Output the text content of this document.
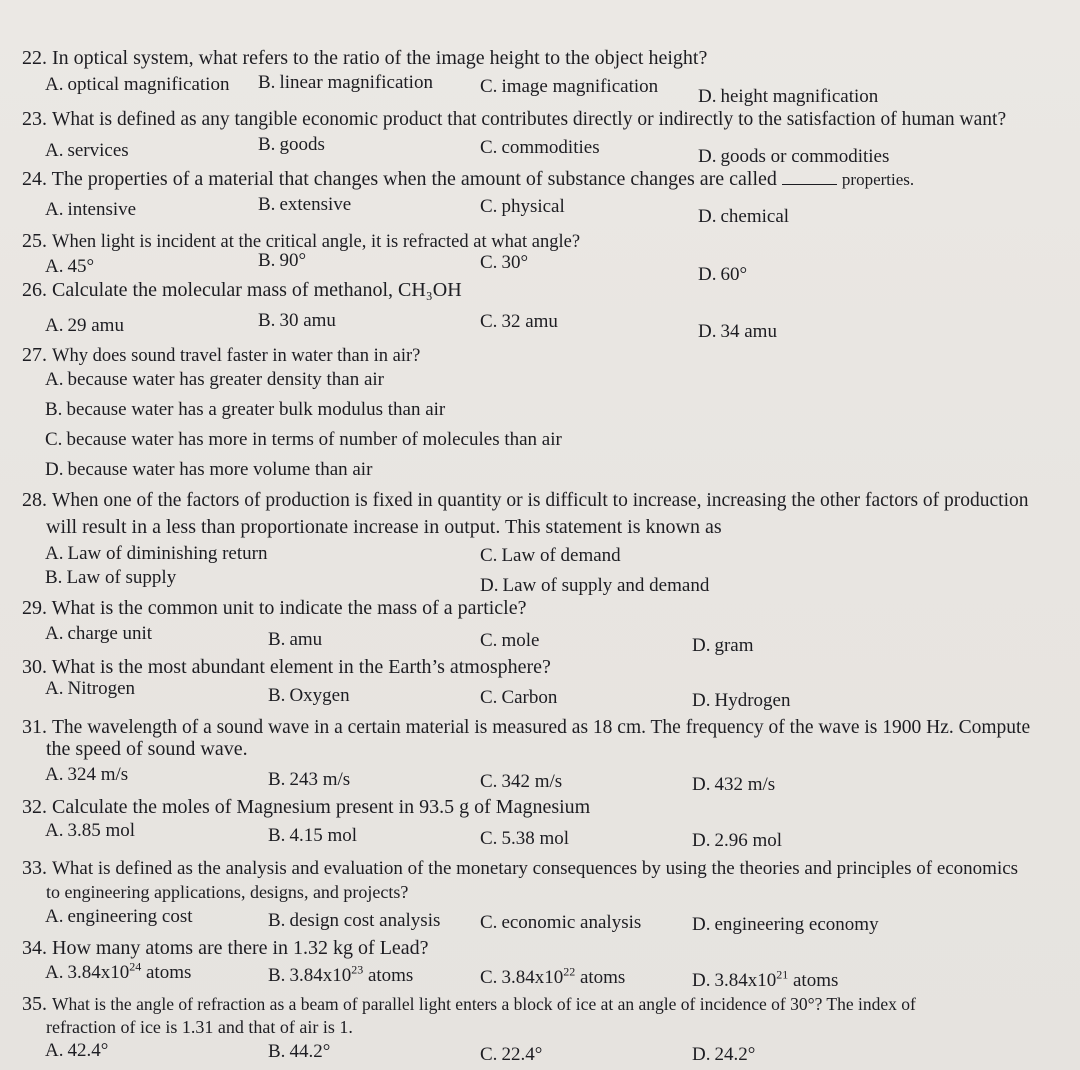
22. In optical system, what refers to the ratio of the image height to the object height?
A. optical magnification B. linear magnification C. image magnification D. height magnification
23. What is defined as any tangible economic product that contributes directly or indirectly to the satisfaction of human want?
A. services	B. goods	C. commodities	D. goods or commodities
24. The properties of a material that changes when the amount of substance changes are called	properties.
A. intensive	B. extensive	C. physical	D. chemical
25. When light is incident at the critical angle, it is refracted at what angle?
A. 45°	B. 90°	C. 30°
D. 60°
26. Calculate the molecular mass of methanol, CH₃OH
A. 29 amu	B. 30 amu	C. 32 amu	D. 34 amu
27. Why does sound travel faster in water than in air?
A. because water has greater density than air
B. because water has a greater bulk modulus than air
C. because water has more in terms of number of molecules than air
D. because water has more volume than air
28. When one of the factors of production is fixed in quantity or is difficult to increase, increasing the other factors of production
will result in a less than proportionate increase in output. This statement is known as
A. Law of diminishing return	C. Law of demand
B. Law of supply	D. Law of supply and demand
29. What is the common unit to indicate the mass of a particle?
A. charge unit	B. amu	C. mole	D. gram
30. What is the most abundant element in the Earth’s atmosphere?
A. Nitrogen	B. Oxygen	C. Carbon	D. Hydrogen
31. The wavelength of a sound wave in a certain material is measured as 18 cm. The frequency of the wave is 1900 Hz. Compute
the speed of sound wave.
A. 324 m/s	B. 243 m/s	C. 342 m/s	D. 432 m/s
32. Calculate the moles of Magnesium present in 93.5 g of Magnesium
A. 3.85 mol	B. 4.15 mol	C. 5.38 mol	D. 2.96 mol
33. What is defined as the analysis and evaluation of the monetary consequences by using the theories and principles of economics
to engineering applications, designs, and projects?
A. engineering cost	B. design cost analysis C. economic analysis	D. engineering economy
34. How many atoms are there in 1.32 kg of Lead?
A. $3.84x10^{24}$ atoms	B. $3.84x10^{23}$ atoms	C. $3.84x10^{22}$ atoms	D. $3.84x10^{21}$ atoms
35. What is the angle of refraction as a beam of parallel light enters a block of ice at an angle of incidence of 30°? The index of
refraction of ice is 1.31 and that of air is 1.
A. 42.4°	B. 44.2°	C. 22.4°	D. 24.2°
